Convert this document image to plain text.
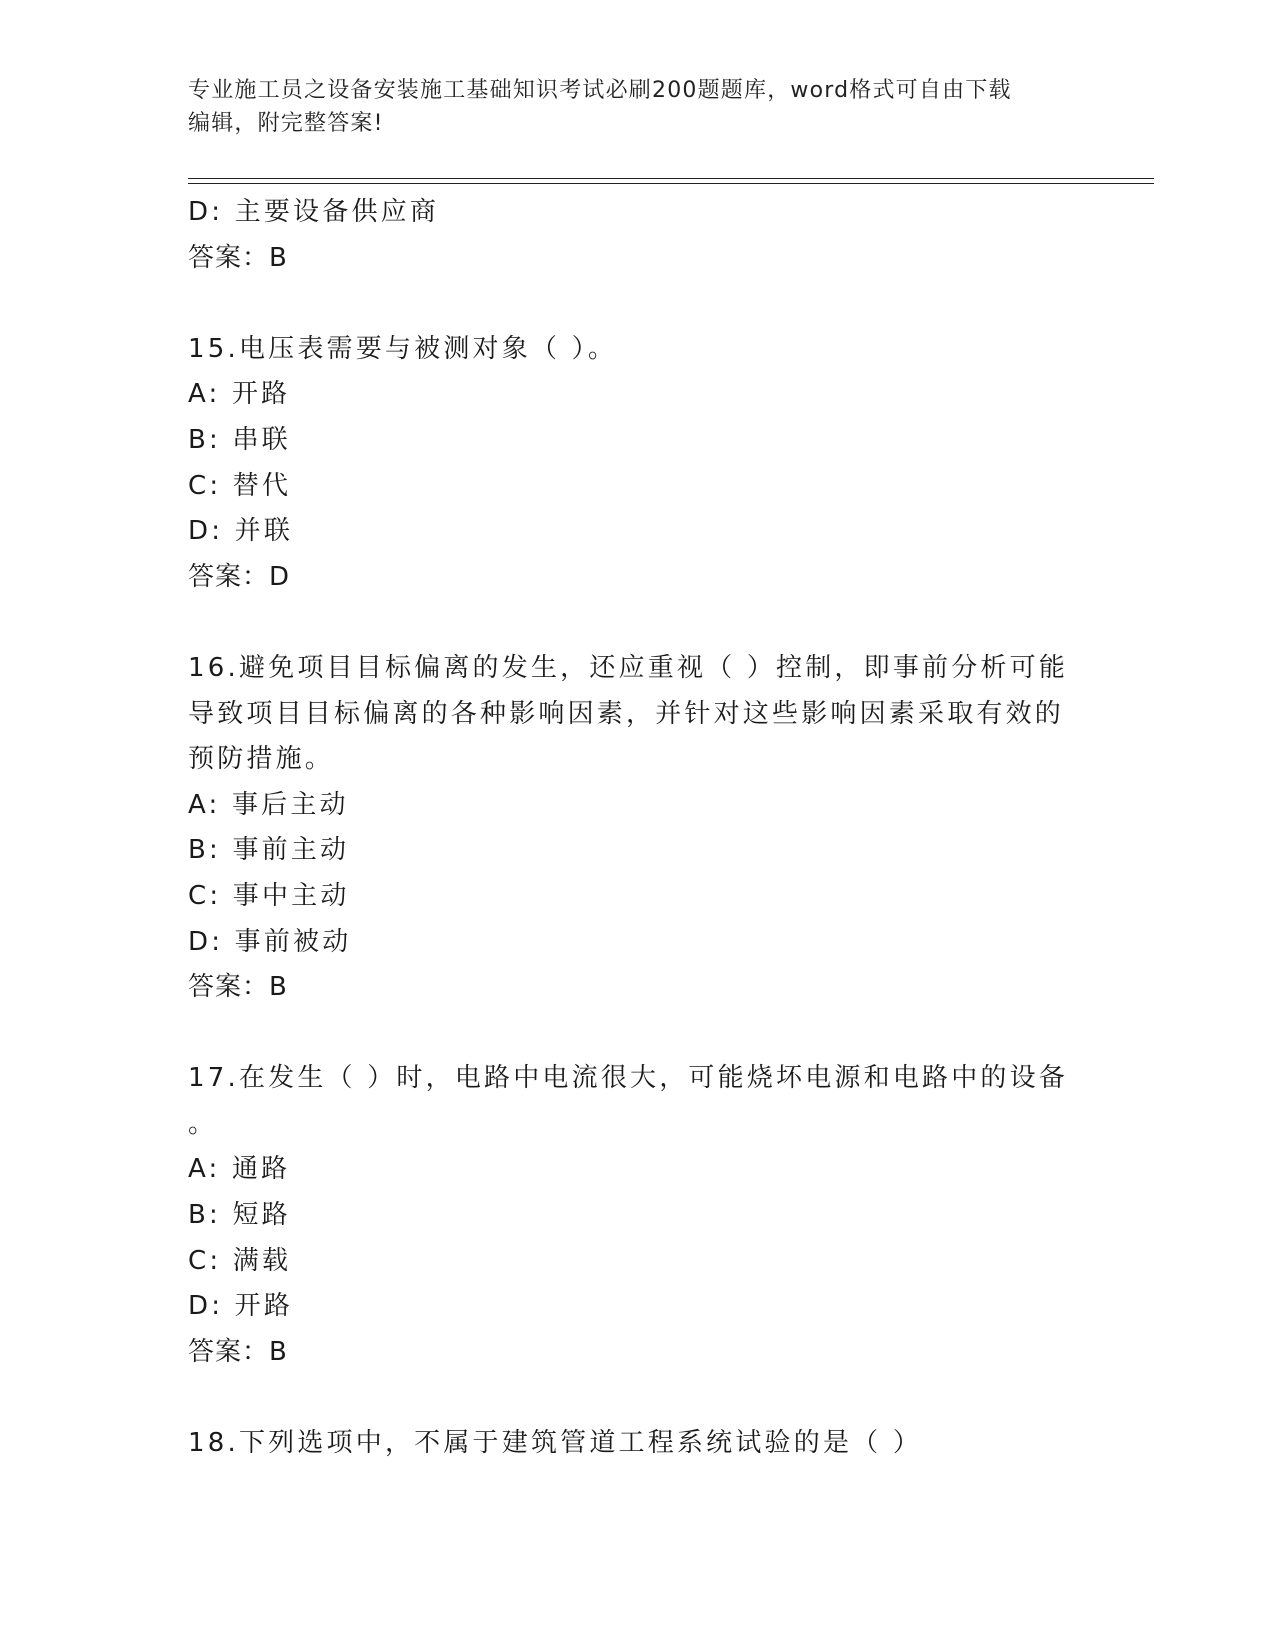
专业施工员之设备安装施工基础知识考试必刷200题题库，word格式可自由下载
编辑，附完整答案!
D: 主要设备供应商
答案：B
15.电压表需要与被测对象（ ）。
A: 开路
B: 串联
C: 替代
D: 并联
答案：D
16.避免项目目标偏离的发生，还应重视（ ）控制，即事前分析可能
导致项目目标偏离的各种影响因素，并针对这些影响因素采取有效的
预防措施。
A: 事后主动
B: 事前主动
C: 事中主动
D: 事前被动
答案：B
17.在发生（ ）时，电路中电流很大，可能烧坏电源和电路中的设备
。
A: 通路
B: 短路
C: 满载
D: 开路
答案：B
18.下列选项中，不属于建筑管道工程系统试验的是（ ）
